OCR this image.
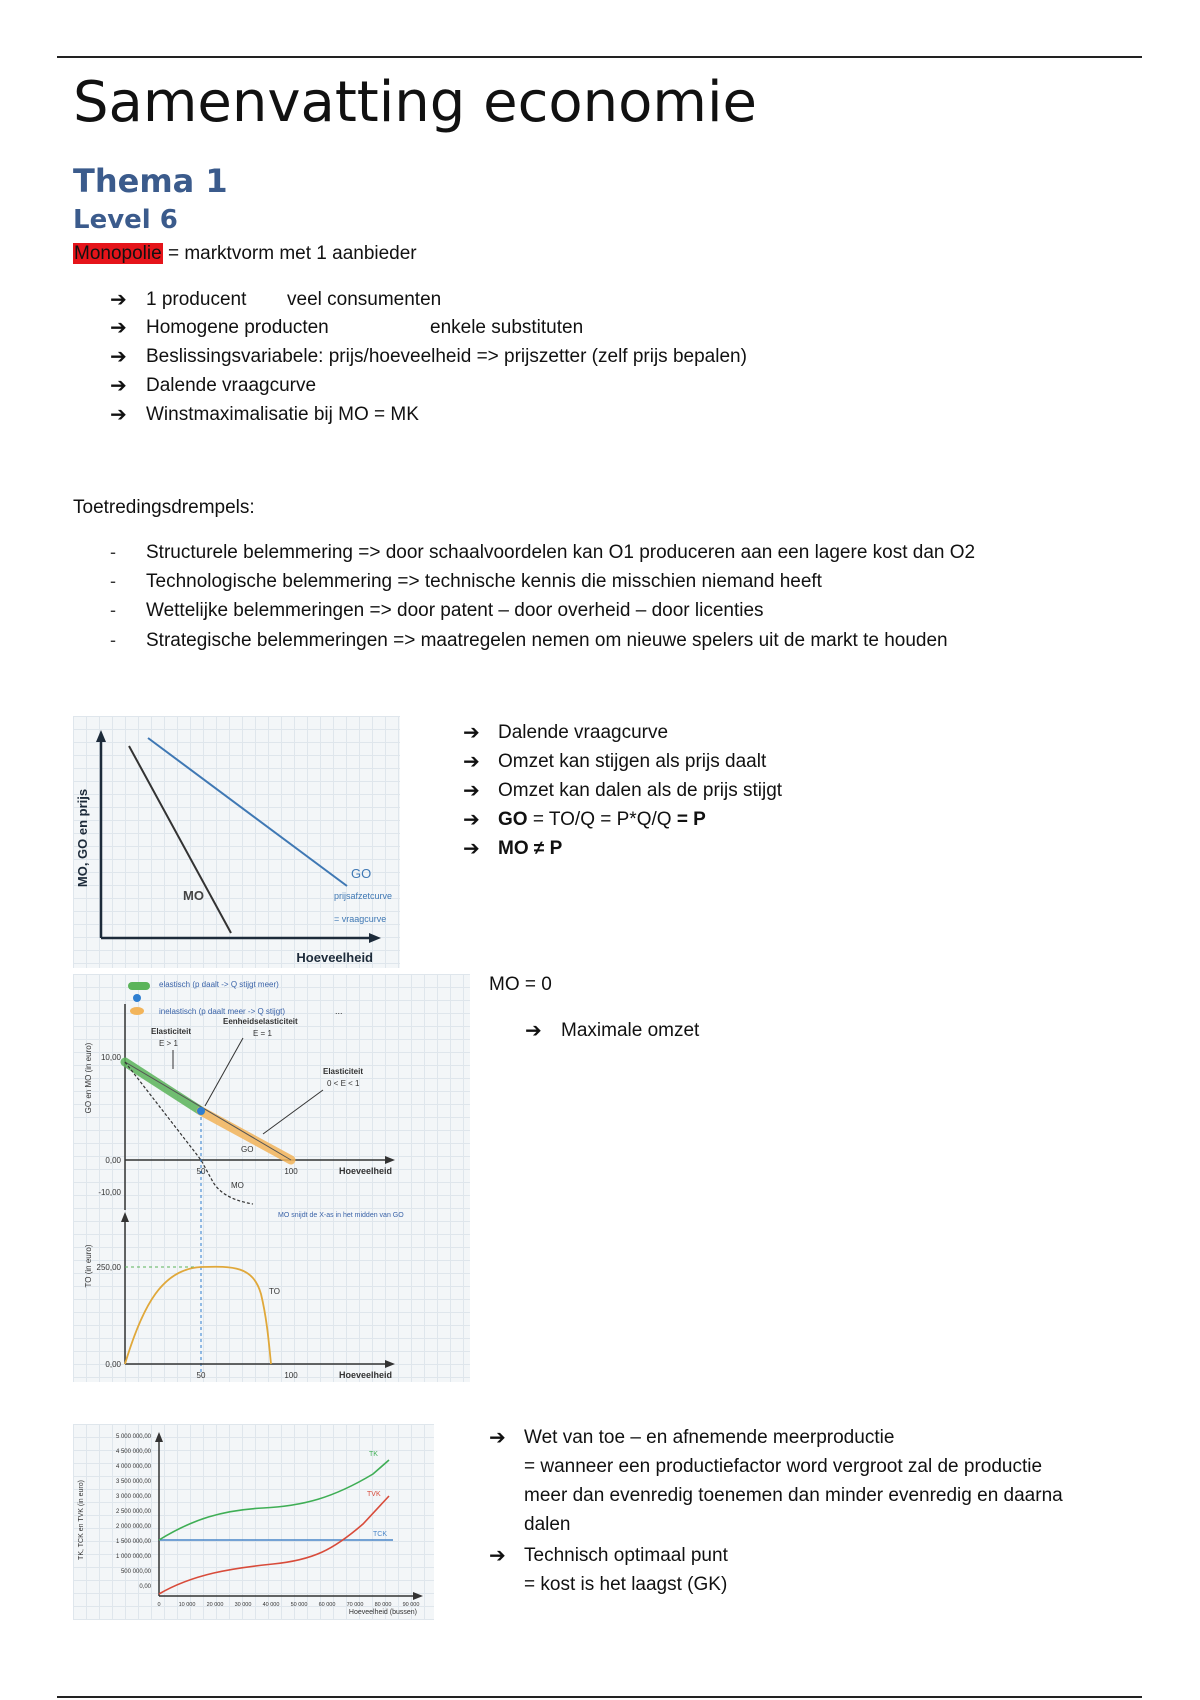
Samenvatting economie
Thema 1
Level 6
Monopolie = marktvorm met 1 aanbieder
➔ 1 producent veel consumenten
➔ Homogene producten	enkele substituten
➔ Beslissingsvariabele: prijs/hoeveelheid => prijszetter (zelf prijs bepalen)
➔ Dalende vraagcurve
➔ Winstmaximalisatie bij MO = MK
Toetredingsdrempels:
- Structurele belemmering => door schaalvoordelen kan O1 produceren aan een lagere kost dan O2
- Technologische belemmering => technische kennis die misschien niemand heeft
- Wettelijke belemmeringen => door patent – door overheid – door licenties
- Strategische belemmeringen => maatregelen nemen om nieuwe spelers uit de markt te houden
MO, GO en prijs
Hoeveelheid
GO
MO	prijsafzetcurve
= vraagcurve
➔ Dalende vraagcurve
➔ Omzet kan stijgen als prijs daalt
➔ Omzet kan dalen als de prijs stijgt
➔ GO = TO/Q = P*Q/Q = P
➔ MO ≠ P
elastisch (p daalt -> Q stijgt meer)
inelastisch (p daalt meer -> Q stijgt)	...
GO en MO (in euro) 10,00
0,00
-10,00
50	100	Hoeveelheid
GO
MO
Elasticiteit
E > 1
Eenheidselasticiteit
E = 1
Elasticiteit
0 < E < 1
MO snijdt de X-as in het midden van GO
TO (in euro) 250,00
0,00
50	100	Hoeveelheid
TO
MO = 0
➔ Maximale omzet
TK, TCK en TVK (in euro)
Hoeveelheid (bussen)
5 000 000,00
4 500 000,00
4 000 000,00
3 500 000,00
3 000 000,00
2 500 000,00
2 000 000,00
1 500 000,00
1 000 000,00
500 000,00
0,00
0	10 000 20 000 30 000 40 000 50 000 60 000 70 000 80 000 90 000
TK
TVK
TCK
➔ Wet van toe – en afnemende meerproductie
= wanneer een productiefactor word vergroot zal de productie
meer dan evenredig toenemen dan minder evenredig en daarna
dalen
➔ Technisch optimaal punt
= kost is het laagst (GK)
